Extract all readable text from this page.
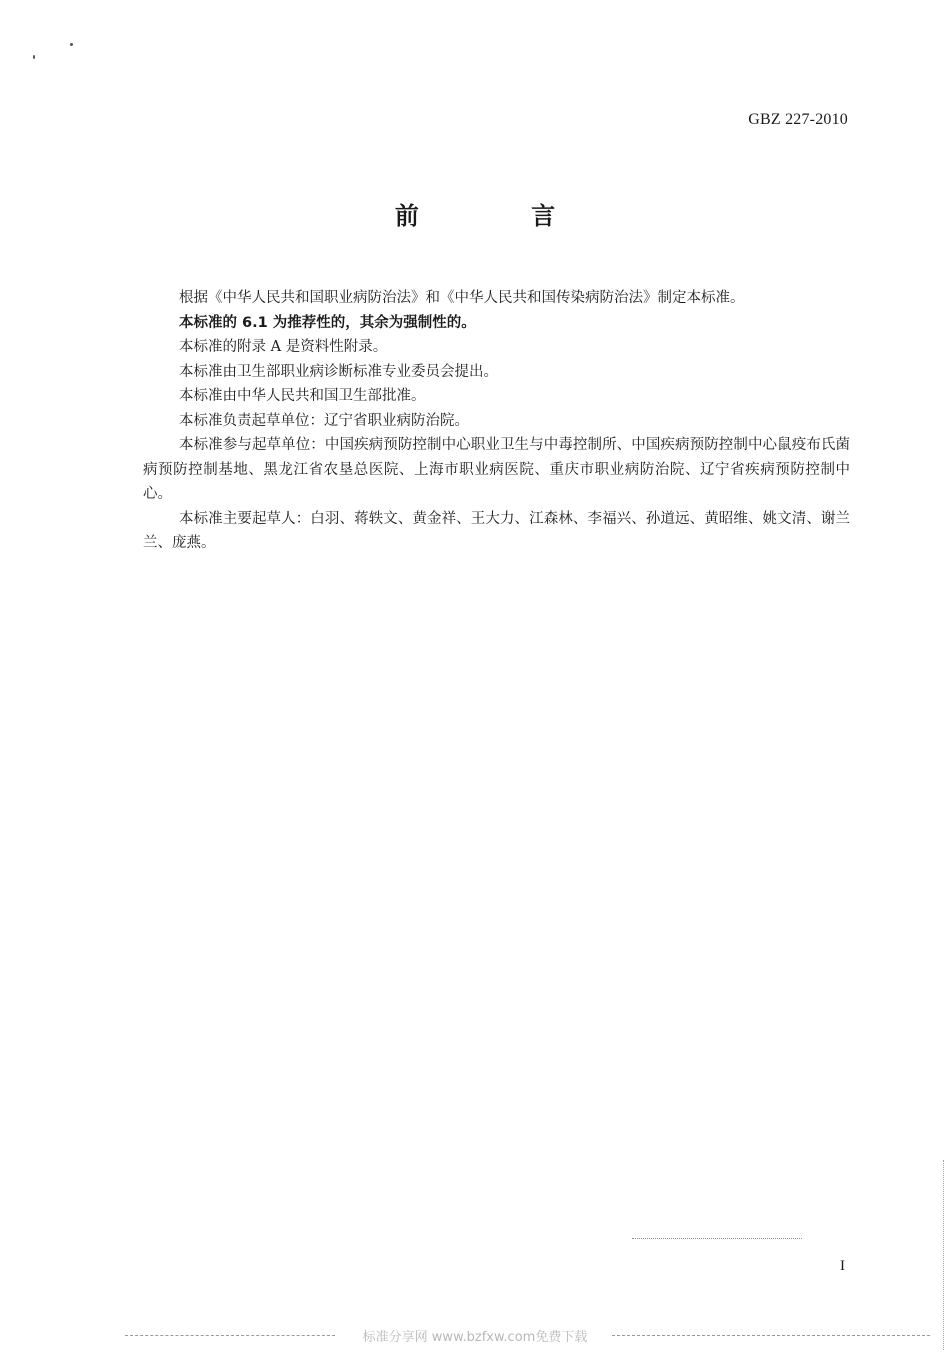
GBZ 227-2010
前 言

根据《中华人民共和国职业病防治法》和《中华人民共和国传染病防治法》制定本标准。

本标准的 6.1 为推荐性的，其余为强制性的。

本标准的附录 A 是资料性附录。

本标准由卫生部职业病诊断标准专业委员会提出。

本标准由中华人民共和国卫生部批准。

本标准负责起草单位：辽宁省职业病防治院。

本标准参与起草单位：中国疾病预防控制中心职业卫生与中毒控制所、中国疾病预防控制中心鼠疫布氏菌病预防控制基地、黑龙江省农垦总医院、上海市职业病医院、重庆市职业病防治院、辽宁省疾病预防控制中心。

本标准主要起草人：白羽、蒋轶文、黄金祥、王大力、江森林、李福兴、孙道远、黄昭维、姚文清、谢兰兰、庞燕。

I
标准分享网 www.bzfxw.com免费下载
